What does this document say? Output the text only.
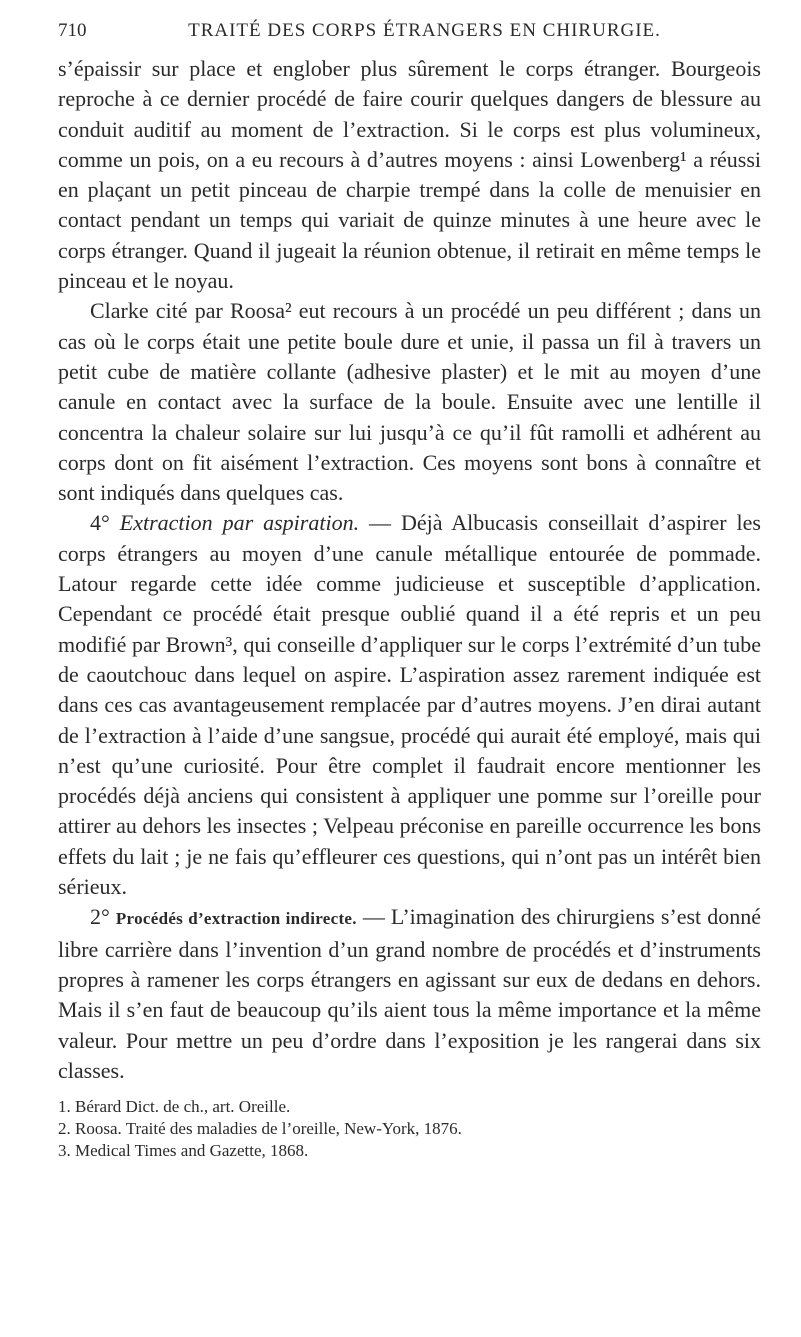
710	TRAITÉ DES CORPS ÉTRANGERS EN CHIRURGIE.

s’épaissir sur place et englober plus sûrement le corps étranger. Bourgeois reproche à ce dernier procédé de faire courir quelques dangers de blessure au conduit auditif au moment de l’extraction. Si le corps est plus volumineux, comme un pois, on a eu recours à d’autres moyens : ainsi Lowenberg¹ a réussi en plaçant un petit pinceau de charpie trempé dans la colle de menuisier en contact pendant un temps qui variait de quinze minutes à une heure avec le corps étranger. Quand il jugeait la réunion obtenue, il retirait en même temps le pinceau et le noyau.

Clarke cité par Roosa² eut recours à un procédé un peu différent ; dans un cas où le corps était une petite boule dure et unie, il passa un fil à travers un petit cube de matière collante (adhesive plaster) et le mit au moyen d’une canule en contact avec la surface de la boule. Ensuite avec une lentille il concentra la chaleur solaire sur lui jusqu’à ce qu’il fût ramolli et adhérent au corps dont on fit aisément l’extraction. Ces moyens sont bons à connaître et sont indiqués dans quelques cas.

4° Extraction par aspiration. — Déjà Albucasis conseillait d’aspirer les corps étrangers au moyen d’une canule métallique entourée de pommade. Latour regarde cette idée comme judicieuse et susceptible d’application. Cependant ce procédé était presque oublié quand il a été repris et un peu modifié par Brown³, qui conseille d’appliquer sur le corps l’extrémité d’un tube de caoutchouc dans lequel on aspire. L’aspiration assez rarement indiquée est dans ces cas avantageusement remplacée par d’autres moyens. J’en dirai autant de l’extraction à l’aide d’une sangsue, procédé qui aurait été employé, mais qui n’est qu’une curiosité. Pour être complet il faudrait encore mentionner les procédés déjà anciens qui consistent à appliquer une pomme sur l’oreille pour attirer au dehors les insectes ; Velpeau préconise en pareille occurrence les bons effets du lait ; je ne fais qu’effleurer ces questions, qui n’ont pas un intérêt bien sérieux.

2° Procédés d’extraction indirecte. — L’imagination des chirurgiens s’est donné libre carrière dans l’invention d’un grand nombre de procédés et d’instruments propres à ramener les corps étrangers en agissant sur eux de dedans en dehors. Mais il s’en faut de beaucoup qu’ils aient tous la même importance et la même valeur. Pour mettre un peu d’ordre dans l’exposition je les rangerai dans six classes.

1. Bérard Dict. de ch., art. Oreille.

2. Roosa. Traité des maladies de l’oreille, New-York, 1876.

3. Medical Times and Gazette, 1868.
